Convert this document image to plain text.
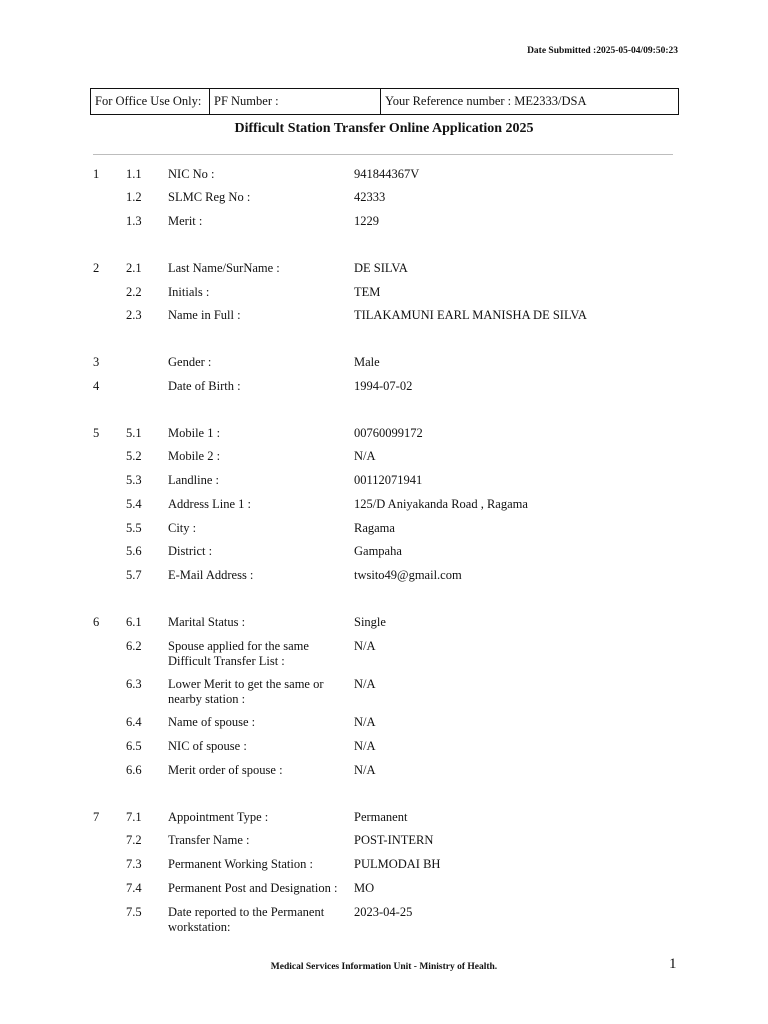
Date Submitted :2025-05-04/09:50:23
For Office Use Only:	PF Number :	Your Reference number : ME2333/DSA
Difficult Station Transfer Online Application 2025
1 1.1 NIC No :	941844367V
1.2 SLMC Reg No :	42333
1.3 Merit :	1229
2 2.1 Last Name/SurName :	DE SILVA
2.2 Initials :	TEM
2.3 Name in Full :	TILAKAMUNI EARL MANISHA DE SILVA
3	Gender :	Male
4	Date of Birth :	1994-07-02
5 5.1 Mobile 1 :	00760099172
5.2 Mobile 2 :	N/A
5.3 Landline :	00112071941
5.4 Address Line 1 :	125/D Aniyakanda Road , Ragama
5.5 City :	Ragama
5.6 District :	Gampaha
5.7 E-Mail Address :	twsito49@gmail.com
6 6.1 Marital Status :	Single
6.2 Spouse applied for the same Difficult Transfer List :
N/A
6.3 Lower Merit to get the same or nearby station :
N/A
6.4 Name of spouse :	N/A
6.5 NIC of spouse :	N/A
6.6 Merit order of spouse :	N/A
7 7.1 Appointment Type :	Permanent
7.2 Transfer Name :	POST-INTERN
7.3 Permanent Working Station :	PULMODAI BH
7.4 Permanent Post and Designation :	MO
7.5 Date reported to the Permanent workstation:
2023-04-25
Medical Services Information Unit - Ministry of Health.	1
